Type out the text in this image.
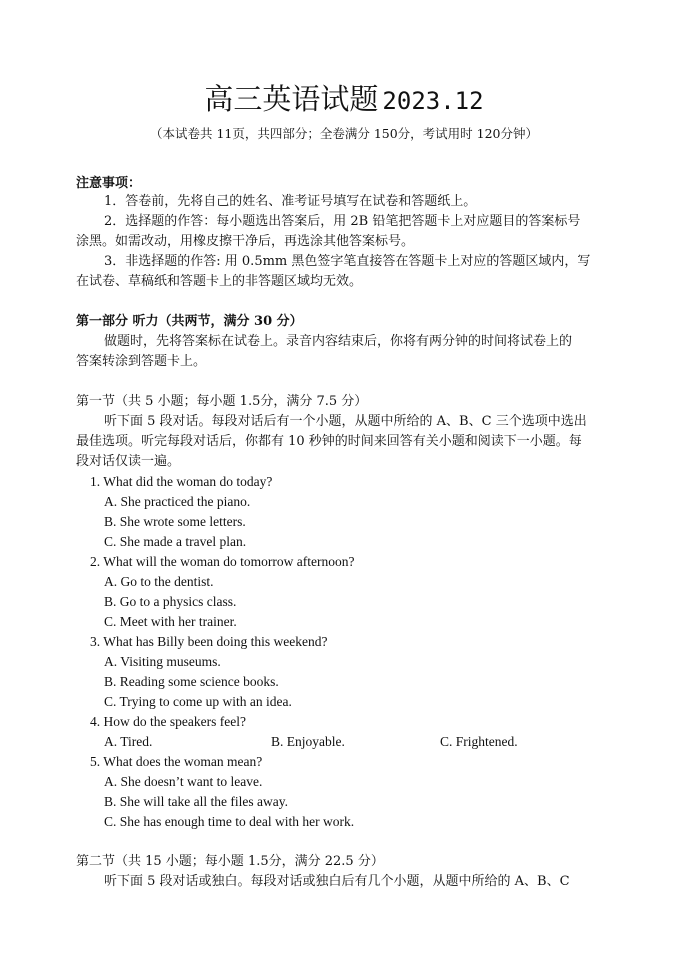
高三英语试题 2023.12
（本试卷共 11页，共四部分；全卷满分 150分，考试用时 120分钟）
注意事项：
1．答卷前，先将自己的姓名、准考证号填写在试卷和答题纸上。
2．选择题的作答：每小题选出答案后，用 2B 铅笔把答题卡上对应题目的答案标号
涂黑。如需改动，用橡皮擦干净后，再选涂其他答案标号。
3．非选择题的作答: 用 0.5mm 黑色签字笔直接答在答题卡上对应的答题区域内，写
在试卷、草稿纸和答题卡上的非答题区域均无效。
第一部分 听力（共两节，满分 30 分）
做题时，先将答案标在试卷上。录音内容结束后，你将有两分钟的时间将试卷上的
答案转涂到答题卡上。
第一节（共 5 小题；每小题 1.5分，满分 7.5 分）
听下面 5 段对话。每段对话后有一个小题，从题中所给的 A、B、C 三个选项中选出
最佳选项。听完每段对话后，你都有 10 秒钟的时间来回答有关小题和阅读下一小题。每
段对话仅读一遍。
1. What did the woman do today?
A. She practiced the piano.
B. She wrote some letters.
C. She made a travel plan.
2. What will the woman do tomorrow afternoon?
A. Go to the dentist.
B. Go to a physics class.
C. Meet with her trainer.
3. What has Billy been doing this weekend?
A. Visiting museums.
B. Reading some science books.
C. Trying to come up with an idea.
4. How do the speakers feel?
A. Tired.	B. Enjoyable.	C. Frightened.
5. What does the woman mean?
A. She doesn’t want to leave.
B. She will take all the files away.
C. She has enough time to deal with her work.
第二节（共 15 小题；每小题 1.5分，满分 22.5 分）
听下面 5 段对话或独白。每段对话或独白后有几个小题，从题中所给的 A、B、C
